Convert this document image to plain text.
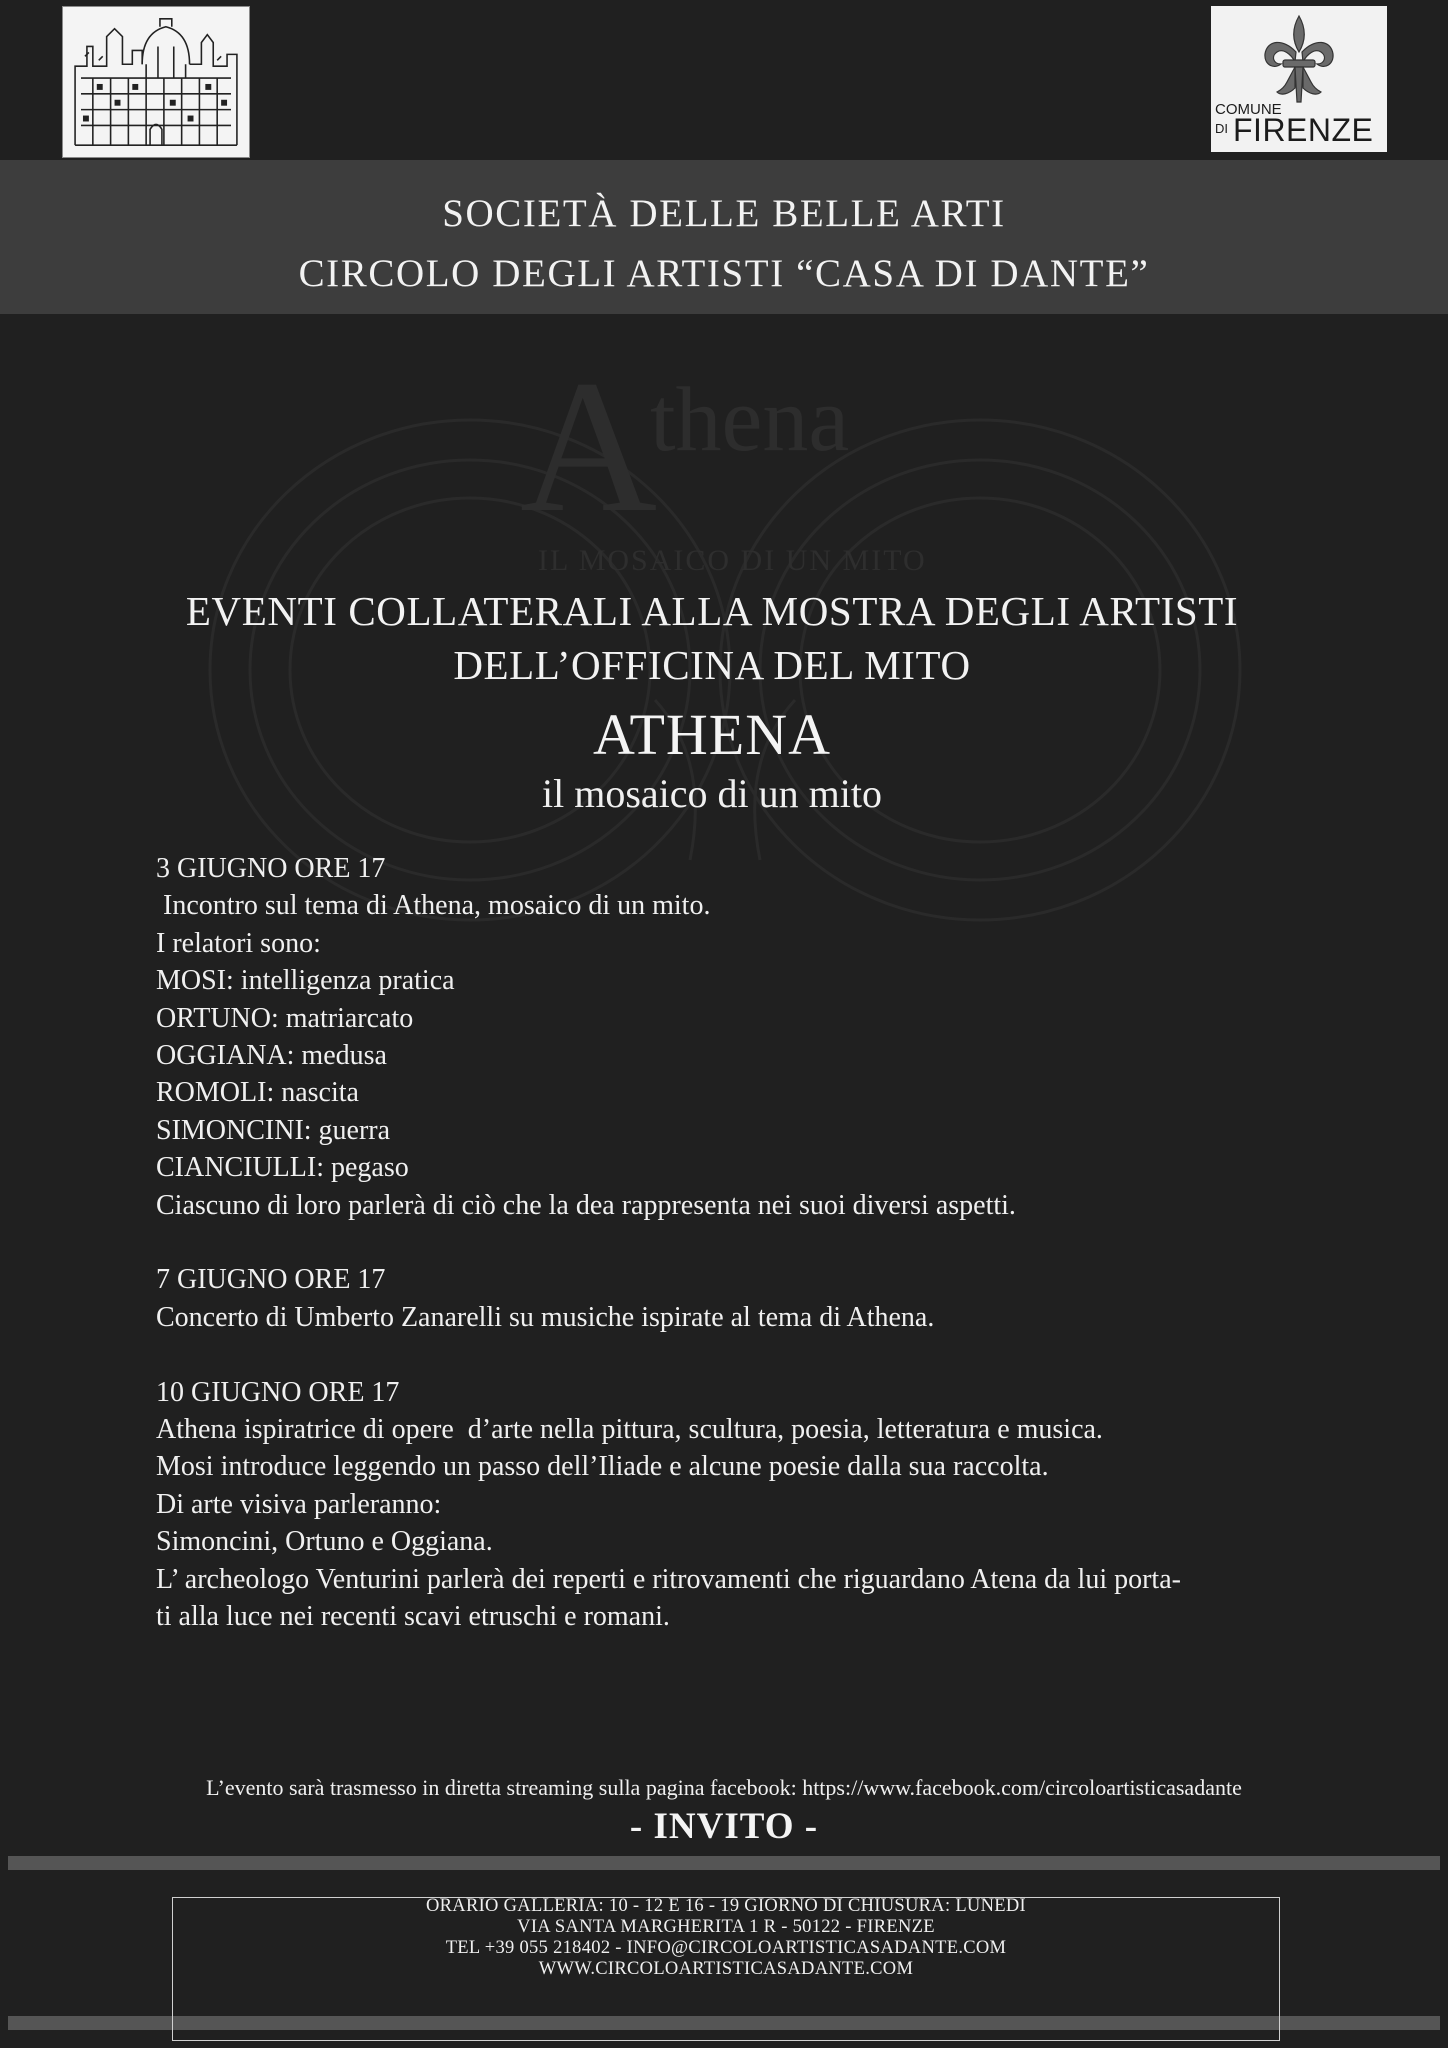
COMUNE
DI FIRENZE
SOCIETÀ DELLE BELLE ARTI
CIRCOLO DEGLI ARTISTI “CASA DI DANTE”
A
thena
IL MOSAICO DI UN MITO
EVENTI COLLATERALI ALLA MOSTRA DEGLI ARTISTI
DELL’OFFICINA DEL MITO
ATHENA
il mosaico di un mito
3 GIUGNO ORE 17
Incontro sul tema di Athena, mosaico di un mito.
I relatori sono:
MOSI: intelligenza pratica
ORTUNO: matriarcato
OGGIANA: medusa
ROMOLI: nascita
SIMONCINI: guerra
CIANCIULLI: pegaso
Ciascuno di loro parlerà di ciò che la dea rappresenta nei suoi diversi aspetti.
7 GIUGNO ORE 17
Concerto di Umberto Zanarelli su musiche ispirate al tema di Athena.
10 GIUGNO ORE 17
Athena ispiratrice di opere  d’arte nella pittura, scultura, poesia, letteratura e musica.
Mosi introduce leggendo un passo dell’Iliade e alcune poesie dalla sua raccolta.
Di arte visiva parleranno:
Simoncini, Ortuno e Oggiana.
L’ archeologo Venturini parlerà dei reperti e ritrovamenti che riguardano Atena da lui porta-
ti alla luce nei recenti scavi etruschi e romani.
L’evento sarà trasmesso in diretta streaming sulla pagina facebook: https://www.facebook.com/circoloartisticasadante
- INVITO -
ORARIO GALLERIA: 10 - 12 E 16 - 19 GIORNO DI CHIUSURA: LUNEDI
VIA SANTA MARGHERITA 1 R - 50122 - FIRENZE
TEL +39 055 218402 - INFO@CIRCOLOARTISTICASADANTE.COM
WWW.CIRCOLOARTISTICASADANTE.COM
